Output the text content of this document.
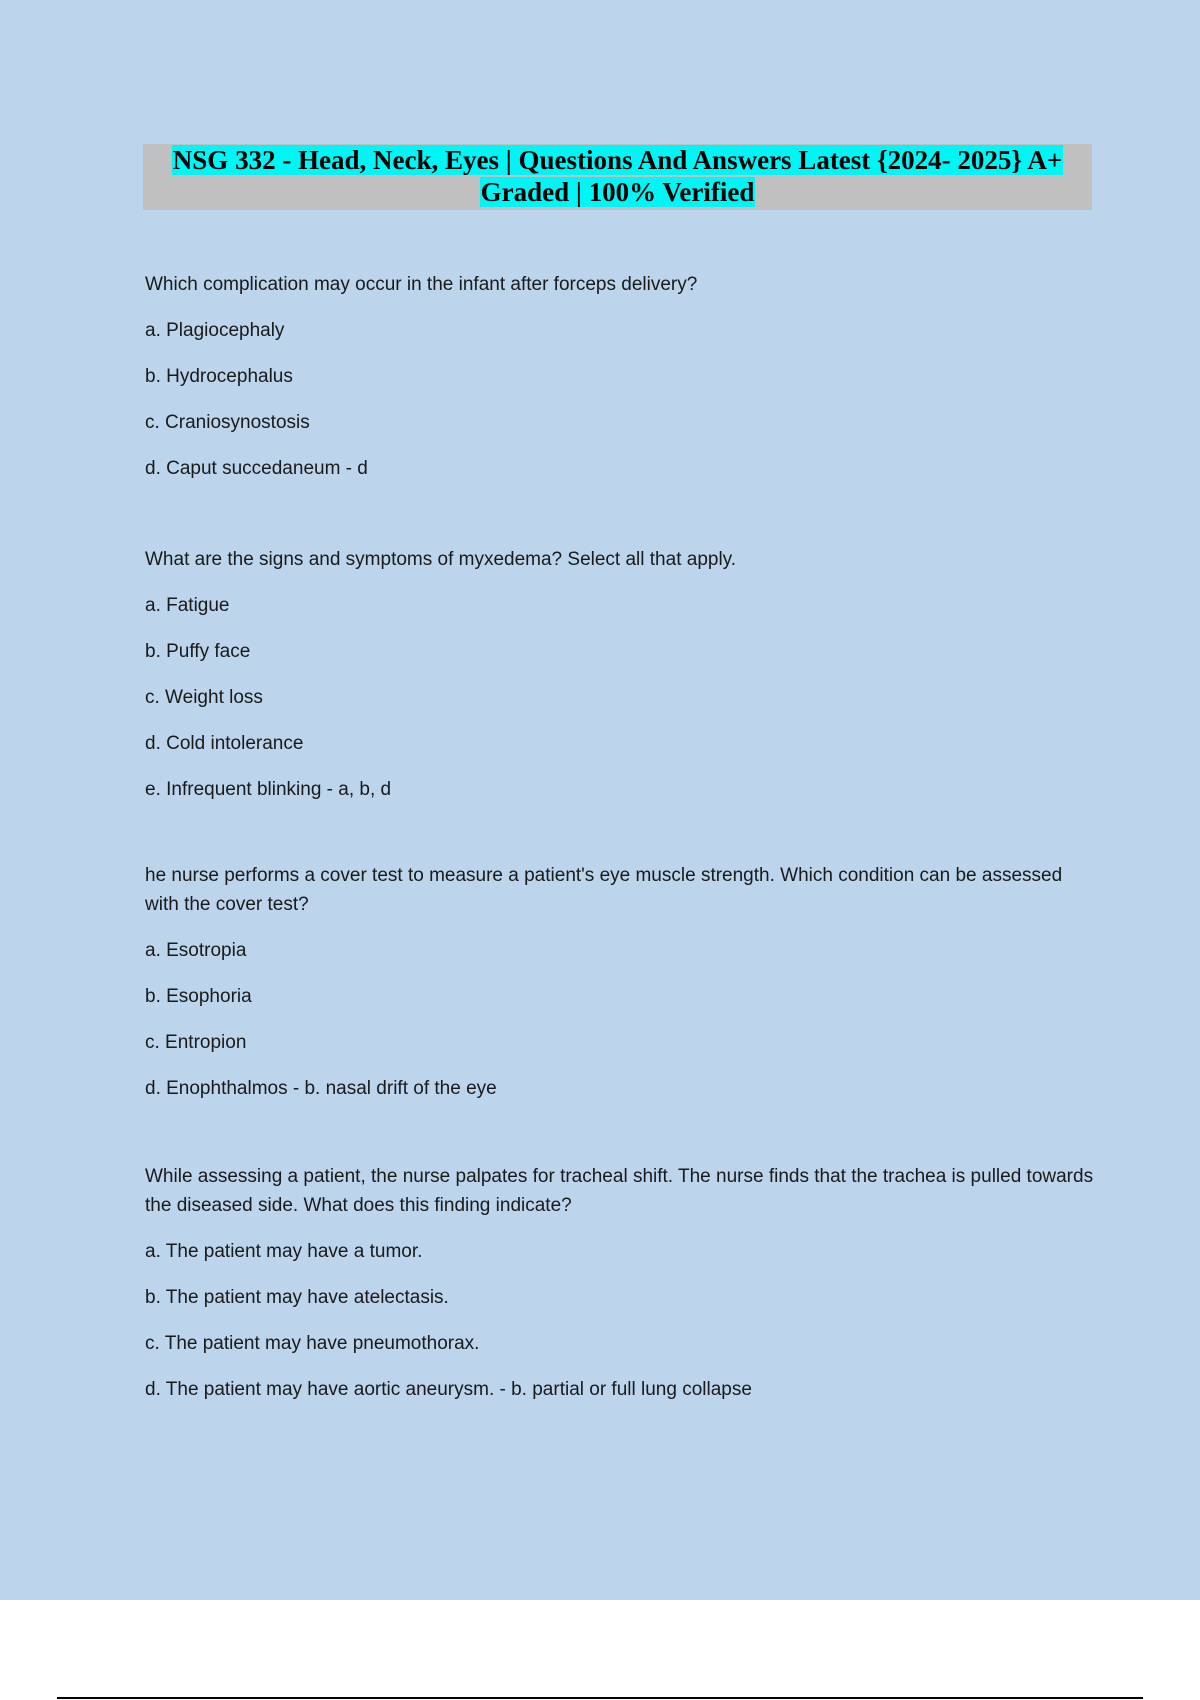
NSG 332 - Head, Neck, Eyes | Questions And Answers Latest {2024- 2025} A+
Graded | 100% Verified

Which complication may occur in the infant after forceps delivery?

a. Plagiocephaly
b. Hydrocephalus
c. Craniosynostosis
d. Caput succedaneum - d

What are the signs and symptoms of myxedema? Select all that apply.

a. Fatigue
b. Puffy face
c. Weight loss
d. Cold intolerance
e. Infrequent blinking - a, b, d

he nurse performs a cover test to measure a patient's eye muscle strength. Which condition can be assessed with the cover test?

a. Esotropia
b. Esophoria
c. Entropion
d. Enophthalmos - b. nasal drift of the eye

While assessing a patient, the nurse palpates for tracheal shift. The nurse finds that the trachea is pulled towards the diseased side. What does this finding indicate?

a. The patient may have a tumor.
b. The patient may have atelectasis.
c. The patient may have pneumothorax.
d. The patient may have aortic aneurysm. - b. partial or full lung collapse
